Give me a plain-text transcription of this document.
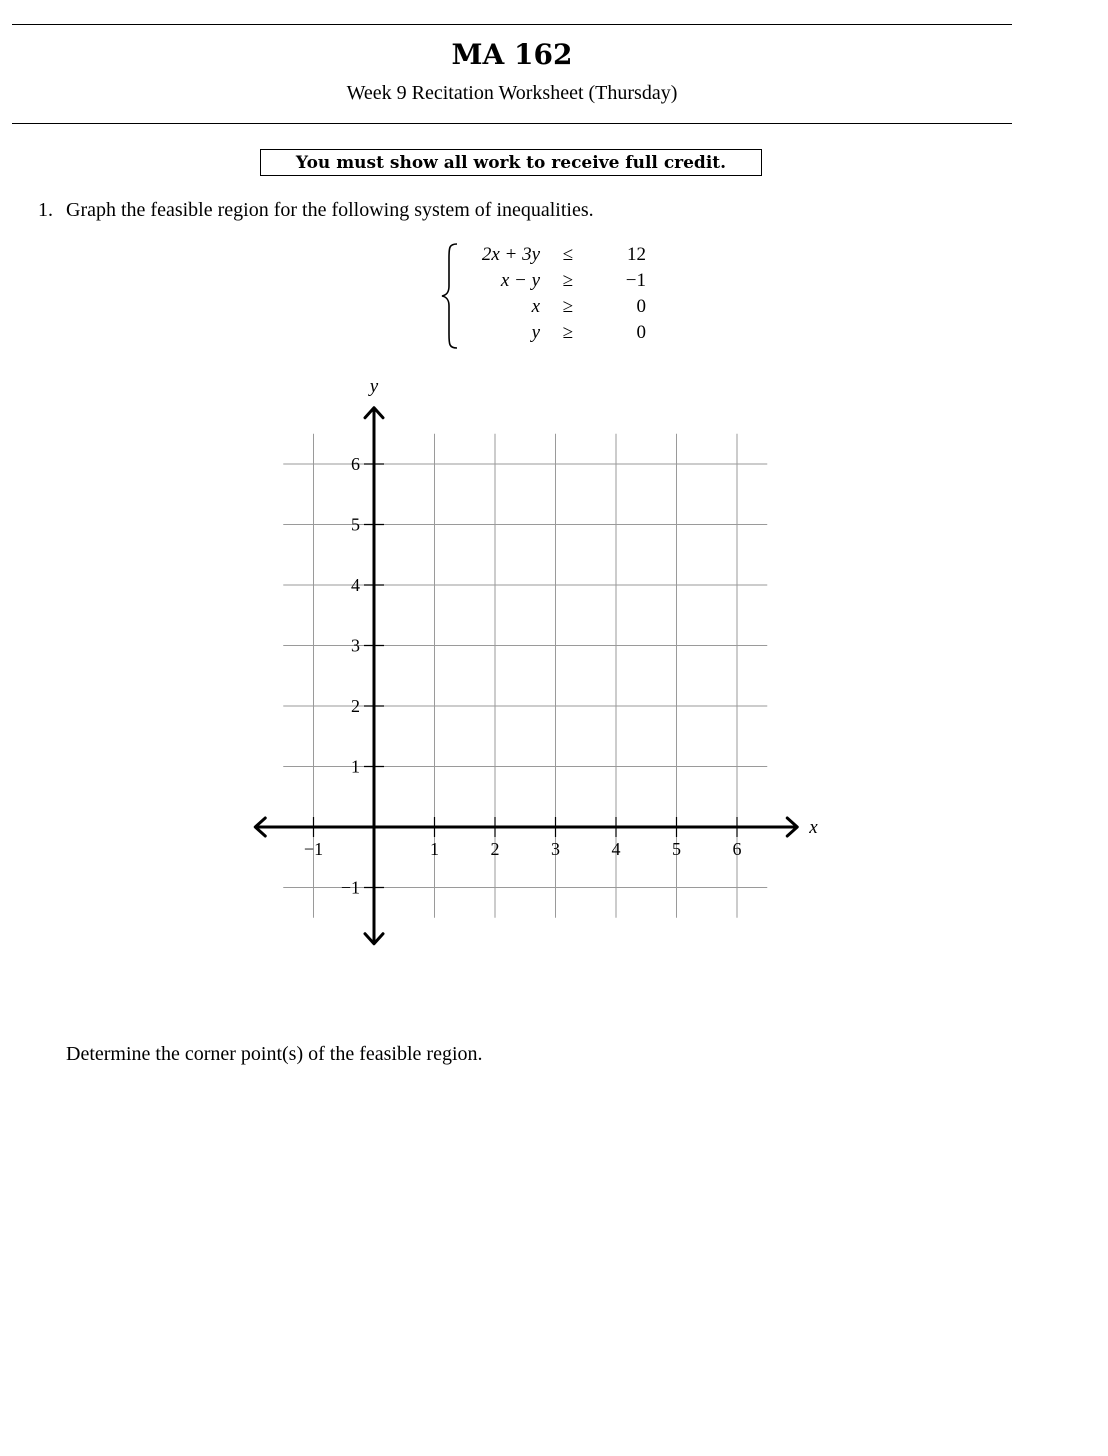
MA 162
Week 9 Recitation Worksheet (Thursday)
You must show all work to receive full credit.
1. Graph the feasible region for the following system of inequalities.
2x + 3y ≤	12
x − y ≥	−1
x ≥	0
y ≥	0
−1	1	2	3	4	5	6
−1
1
2
3
4
5
6
x
y
Determine the corner point(s) of the feasible region.
